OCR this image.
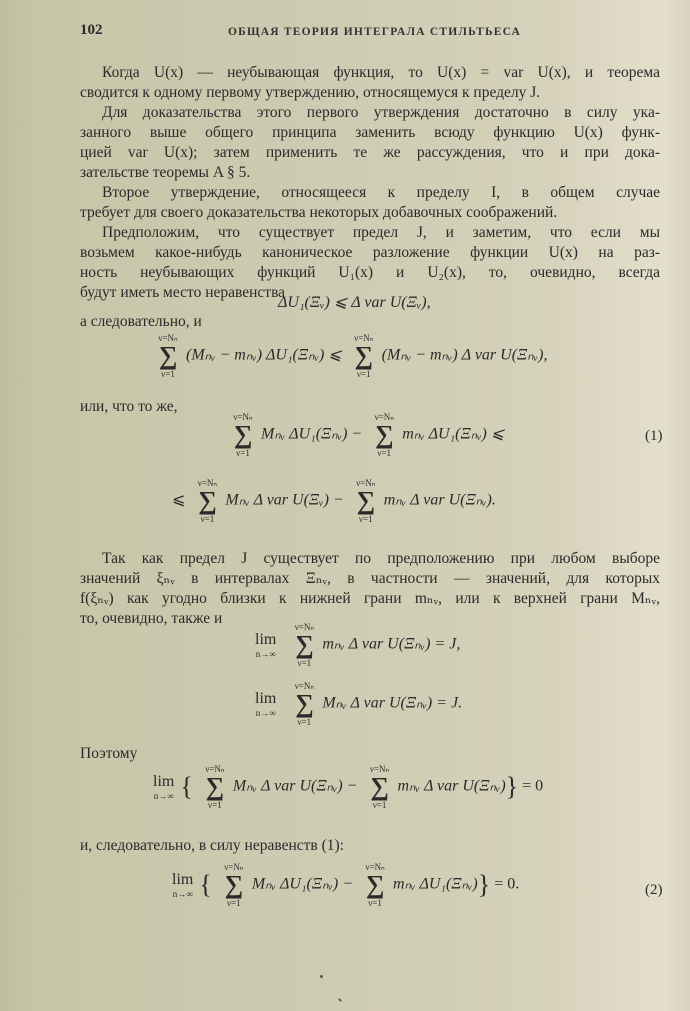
102	ОБЩАЯ ТЕОРИЯ ИНТЕГРАЛА СТИЛЬТЬЕСА
Когда U(x) — неубывающая функция, то U(x) = var U(x), и теорема
сводится к одному первому утверждению, относящемуся к пределу J.
Для доказательства этого первого утверждения достаточно в силу ука-
занного выше общего принципа заменить всюду функцию U(x) функ-
цией var U(x); затем применить те же рассуждения, что и при дока-
зательстве теоремы A § 5.
Второе утверждение, относящееся к пределу I, в общем случае
требует для своего доказательства некоторых добавочных соображений.
Предположим, что существует предел J, и заметим, что если мы
возьмем какое-нибудь каноническое разложение функции U(x) на раз-
ность неубывающих функций U₁(x) и U₂(x), то, очевидно, всегда
будут иметь место неравенства
ΔU₁(Ξᵥ) ⩽ Δ var U(Ξᵥ),
а следовательно, и
ν=Nₙ
∑
ν=1
(Mₙᵥ − mₙᵥ) ΔU₁(Ξₙᵥ) ⩽
ν=Nₙ
∑
ν=1
(Mₙᵥ − mₙᵥ) Δ var U(Ξₙᵥ),
или, что то же,
ν=Nₙ
∑
ν=1
Mₙᵥ ΔU₁(Ξₙᵥ) −
ν=Nₙ
∑
ν=1
mₙᵥ ΔU₁(Ξₙᵥ) ⩽	(1)
⩽
ν=Nₙ
∑
ν=1
Mₙᵥ Δ var U(Ξᵥ) −
ν=Nₙ
∑
ν=1
mₙᵥ Δ var U(Ξₙᵥ).
Так как предел J существует по предположению при любом выборе
значений ξₙᵥ в интервалах Ξₙᵥ, в частности — значений, для которых
f(ξₙᵥ) как угодно близки к нижней грани mₙᵥ, или к верхней грани Mₙᵥ,
то, очевидно, также и
lim
n→∞

ν=Nₙ
∑
ν=1
mₙᵥ Δ var U(Ξₙᵥ) = J,
lim
n→∞

ν=Nₙ
∑
ν=1
Mₙᵥ Δ var U(Ξₙᵥ) = J.
Поэтому
lim
n→∞ {
ν=Nₙ
∑
ν=1
Mₙᵥ Δ var U(Ξₙᵥ) −
ν=Nₙ
∑
ν=1
mₙᵥ Δ var U(Ξₙᵥ)} = 0
и, следовательно, в силу неравенств (1):
lim
n→∞ {
ν=Nₙ
∑
ν=1
Mₙᵥ ΔU₁(Ξₙᵥ) −
ν=Nₙ
∑
ν=1
mₙᵥ ΔU₁(Ξₙᵥ)} = 0.	(2)
